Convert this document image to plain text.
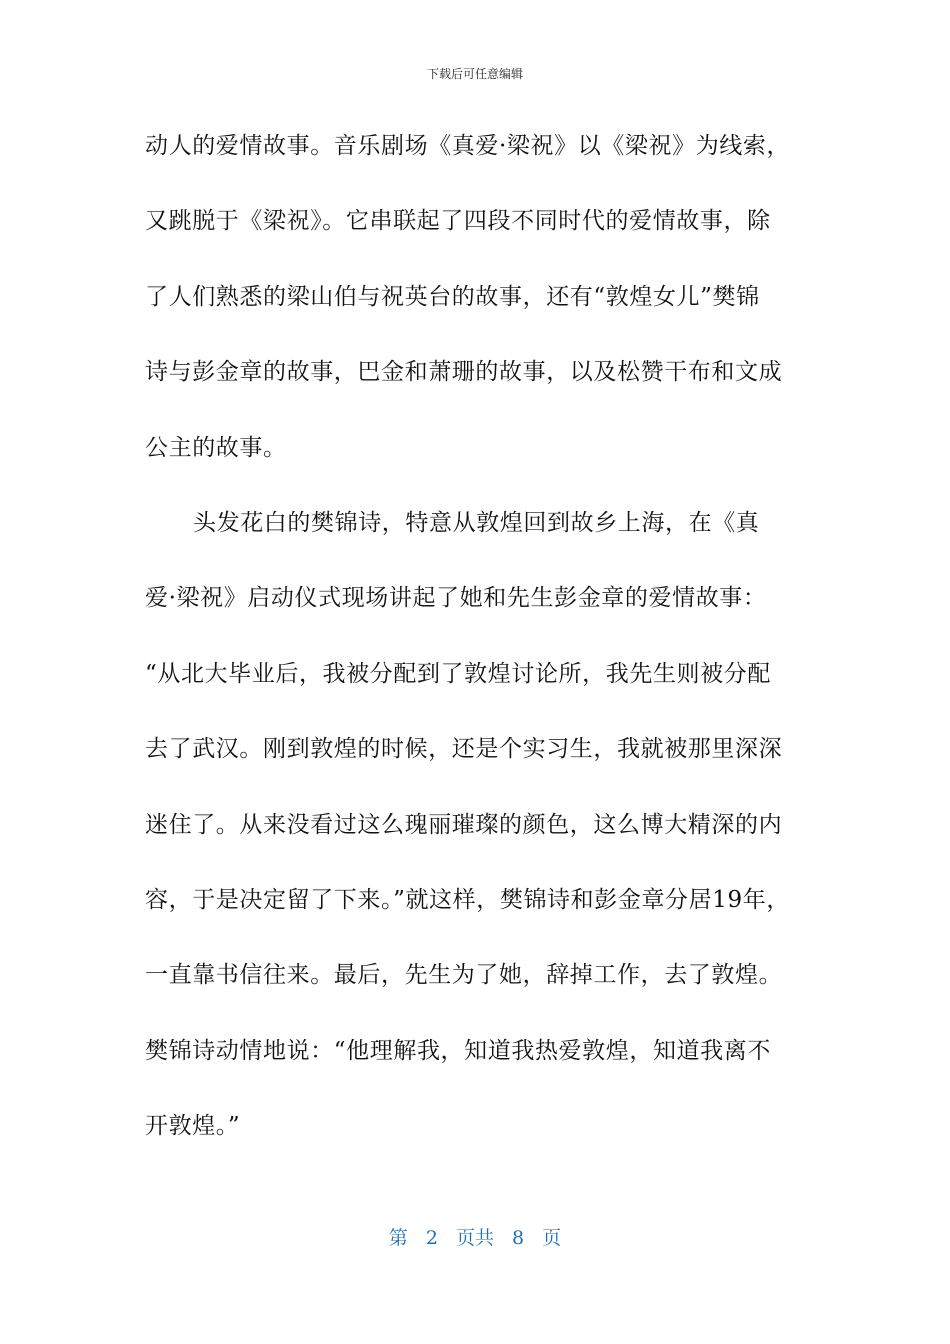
下载后可任意编辑
动人的爱情故事。音乐剧场《真爱·梁祝》以《梁祝》为线索，
又跳脱于《梁祝》。它串联起了四段不同时代的爱情故事，除
了人们熟悉的梁山伯与祝英台的故事，还有“敦煌女儿”樊锦
诗与彭金章的故事，巴金和萧珊的故事，以及松赞干布和文成
公主的故事。
头发花白的樊锦诗，特意从敦煌回到故乡上海，在《真
爱·梁祝》启动仪式现场讲起了她和先生彭金章的爱情故事：
“从北大毕业后，我被分配到了敦煌讨论所，我先生则被分配
去了武汉。刚到敦煌的时候，还是个实习生，我就被那里深深
迷住了。从来没看过这么瑰丽璀璨的颜色，这么博大精深的内
容，于是决定留了下来。”就这样，樊锦诗和彭金章分居19年，
一直靠书信往来。最后，先生为了她，辞掉工作，去了敦煌。
樊锦诗动情地说：“他理解我，知道我热爱敦煌，知道我离不
开敦煌。”
第 2 页共 8 页
